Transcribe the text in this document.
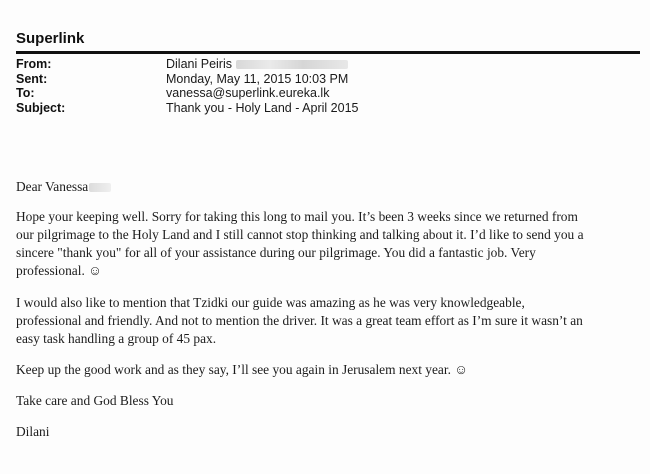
Superlink
From:	Dilani Peiris
Sent:	Monday, May 11, 2015 10:03 PM
To:	vanessa@superlink.eureka.lk
Subject:	Thank you - Holy Land - April 2015

Dear Vanessa

Hope your keeping well. Sorry for taking this long to mail you. It’s been 3 weeks since we returned from

our pilgrimage to the Holy Land and I still cannot stop thinking and talking about it. I’d like to send you a

sincere "thank you" for all of your assistance during our pilgrimage. You did a fantastic job. Very

professional. ☺

I would also like to mention that Tzidki our guide was amazing as he was very knowledgeable,

professional and friendly. And not to mention the driver. It was a great team effort as I’m sure it wasn’t an

easy task handling a group of 45 pax.

Keep up the good work and as they say, I’ll see you again in Jerusalem next year. ☺

Take care and God Bless You

Dilani
